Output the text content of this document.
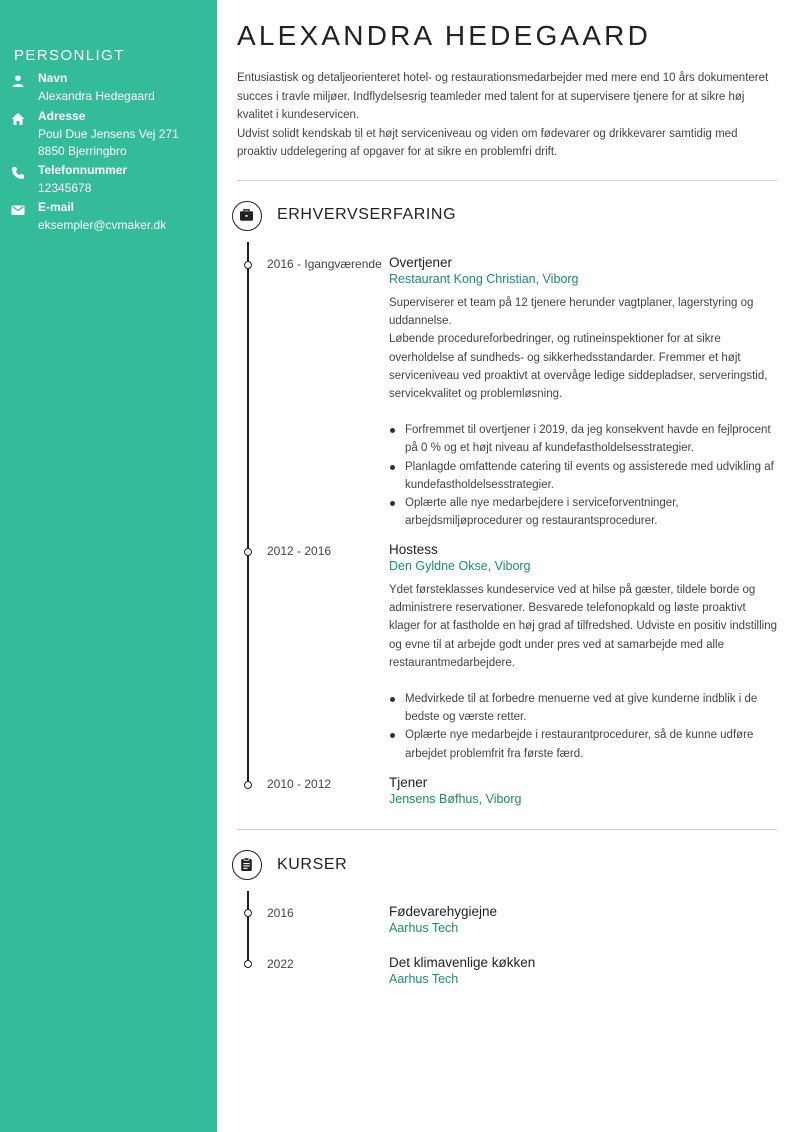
PERSONLIGT
Navn
Alexandra Hedegaard
Adresse
Poul Due Jensens Vej 271
8850 Bjerringbro
Telefonnummer
12345678
E-mail
eksempler@cvmaker.dk
ALEXANDRA HEDEGAARD

Entusiastisk og detaljeorienteret hotel- og restaurationsmedarbejder med mere end 10 års dokumenteret succes i travle miljøer. Indflydelsesrig teamleder med talent for at supervisere tjenere for at sikre høj kvalitet i kundeservicen.

Udvist solidt kendskab til et højt serviceniveau og viden om fødevarer og drikkevarer samtidig med proaktiv uddelegering af opgaver for at sikre en problemfri drift.

ERHVERVSERFARING
2016 - Igangværende Overtjener
Restaurant Kong Christian, Viborg

Superviserer et team på 12 tjenere herunder vagtplaner, lagerstyring og uddannelse.

Løbende procedureforbedringer, og rutineinspektioner for at sikre overholdelse af sundheds- og sikkerhedsstandarder. Fremmer et højt serviceniveau ved proaktivt at overvåge ledige siddepladser, serveringstid, servicekvalitet og problemløsning.

Forfremmet til overtjener i 2019, da jeg konsekvent havde en fejlprocent på 0 % og et højt niveau af kundefastholdelsesstrategier.
Planlagde omfattende catering til events og assisterede med udvikling af kundefastholdelsesstrategier.
Oplærte alle nye medarbejdere i serviceforventninger, arbejdsmiljøprocedurer og restaurantsprocedurer.
2012 - 2016	Hostess
Den Gyldne Okse, Viborg

Ydet førsteklasses kundeservice ved at hilse på gæster, tildele borde og administrere reservationer. Besvarede telefonopkald og løste proaktivt klager for at fastholde en høj grad af tilfredshed. Udviste en positiv indstilling og evne til at arbejde godt under pres ved at samarbejde med alle restaurantmedarbejdere.

Medvirkede til at forbedre menuerne ved at give kunderne indblik i de bedste og værste retter.
Oplærte nye medarbejde i restaurantprocedurer, så de kunne udføre arbejdet problemfrit fra første færd.
2010 - 2012	Tjener
Jensens Bøfhus, Viborg
KURSER
2016	Fødevarehygiejne
Aarhus Tech
2022	Det klimavenlige køkken
Aarhus Tech
